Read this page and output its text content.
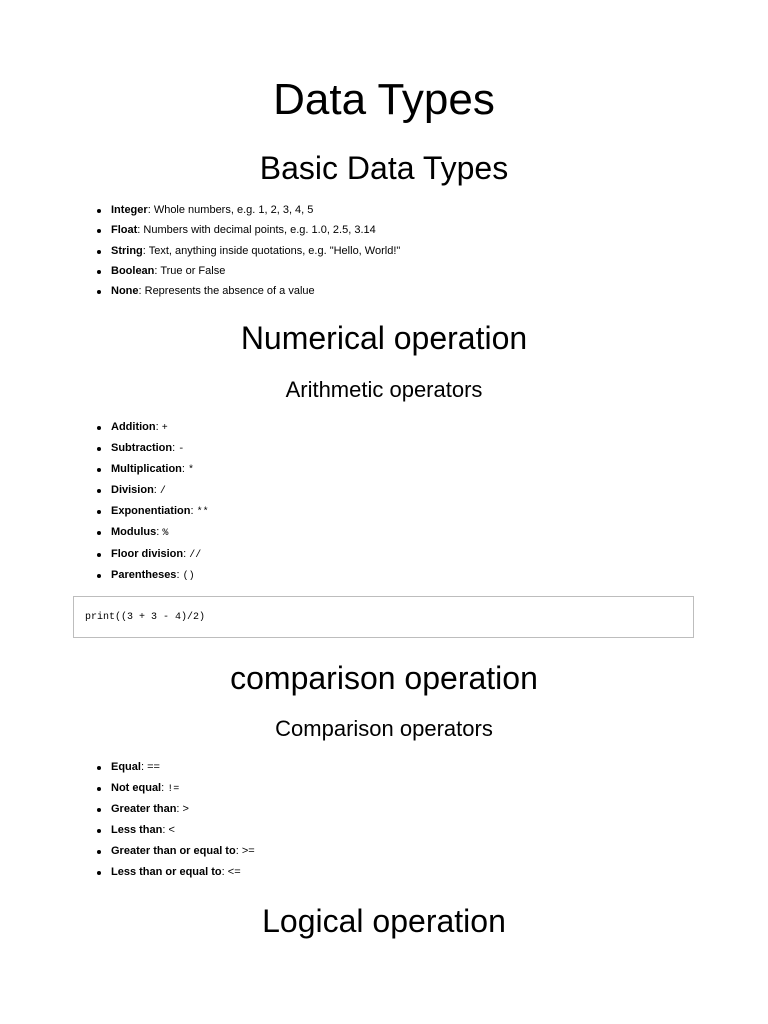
Data Types
Basic Data Types
Integer: Whole numbers, e.g. 1, 2, 3, 4, 5
Float: Numbers with decimal points, e.g. 1.0, 2.5, 3.14
String: Text, anything inside quotations, e.g. "Hello, World!"
Boolean: True or False
None: Represents the absence of a value
Numerical operation
Arithmetic operators
Addition: +
Subtraction: -
Multiplication: *
Division: /
Exponentiation: **
Modulus: %
Floor division: //
Parentheses: ()
print((3 + 3 - 4)/2)
comparison operation
Comparison operators
Equal: ==
Not equal: !=
Greater than: >
Less than: <
Greater than or equal to: >=
Less than or equal to: <=
Logical operation
